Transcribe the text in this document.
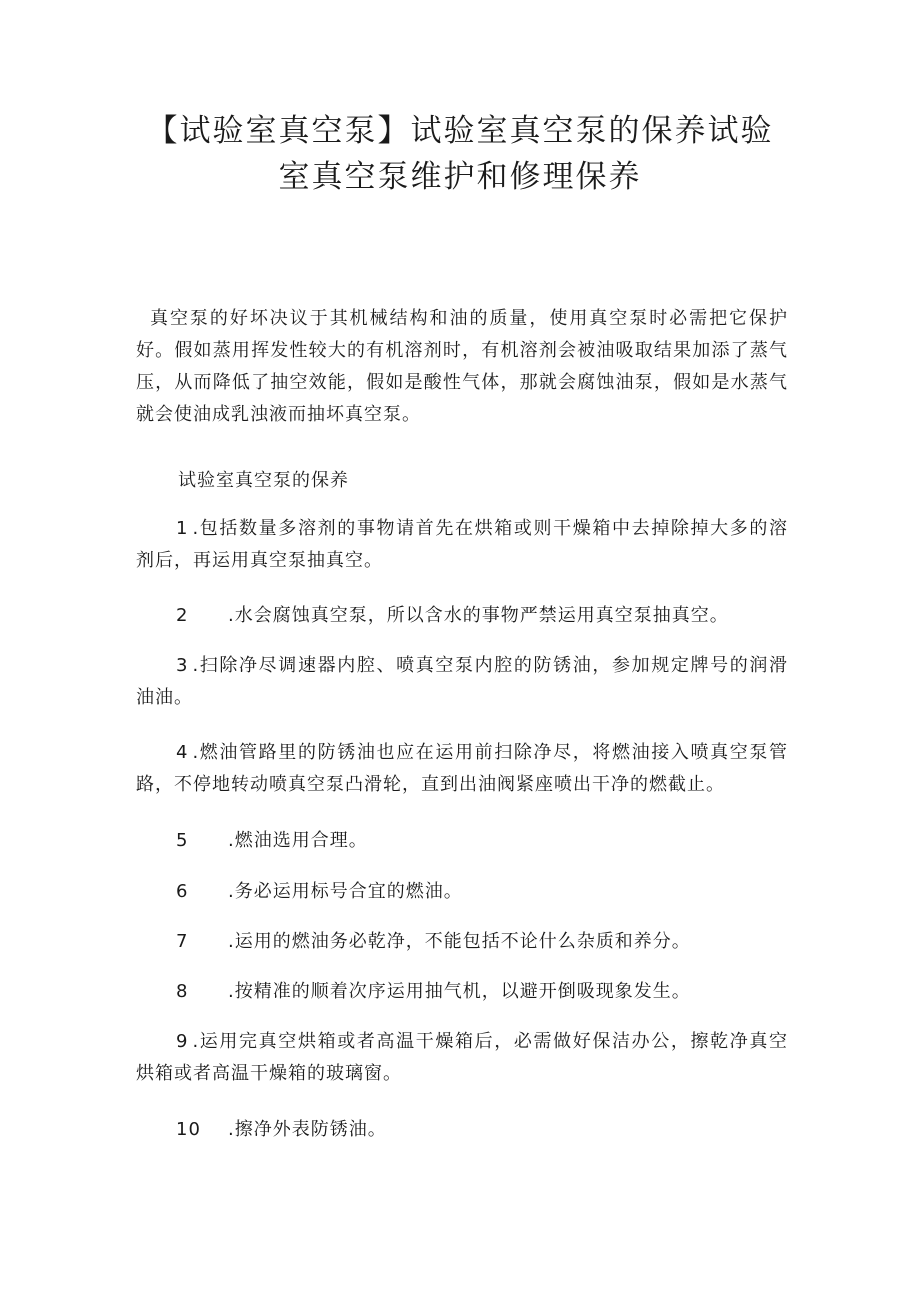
【试验室真空泵】试验室真空泵的保养试验
室真空泵维护和修理保养

真空泵的好坏决议于其机械结构和油的质量，使用真空泵时必需把它保护好。假如蒸用挥发性较大的有机溶剂时，有机溶剂会被油吸取结果加添了蒸气压，从而降低了抽空效能，假如是酸性气体，那就会腐蚀油泵，假如是水蒸气就会使油成乳浊液而抽坏真空泵。

试验室真空泵的保养

1 .包括数量多溶剂的事物请首先在烘箱或则干燥箱中去掉除掉大多的溶剂后，再运用真空泵抽真空。

2 .水会腐蚀真空泵，所以含水的事物严禁运用真空泵抽真空。

3 .扫除净尽调速器内腔、喷真空泵内腔的防锈油，参加规定牌号的润滑油油。

4 .燃油管路里的防锈油也应在运用前扫除净尽，将燃油接入喷真空泵管路，不停地转动喷真空泵凸滑轮，直到出油阀紧座喷出干净的燃截止。

5 .燃油选用合理。

6 .务必运用标号合宜的燃油。

7 .运用的燃油务必乾净，不能包括不论什么杂质和养分。

8 .按精准的顺着次序运用抽气机，以避开倒吸现象发生。

9 .运用完真空烘箱或者高温干燥箱后，必需做好保洁办公，擦乾净真空烘箱或者高温干燥箱的玻璃窗。

10 .擦净外表防锈油。
